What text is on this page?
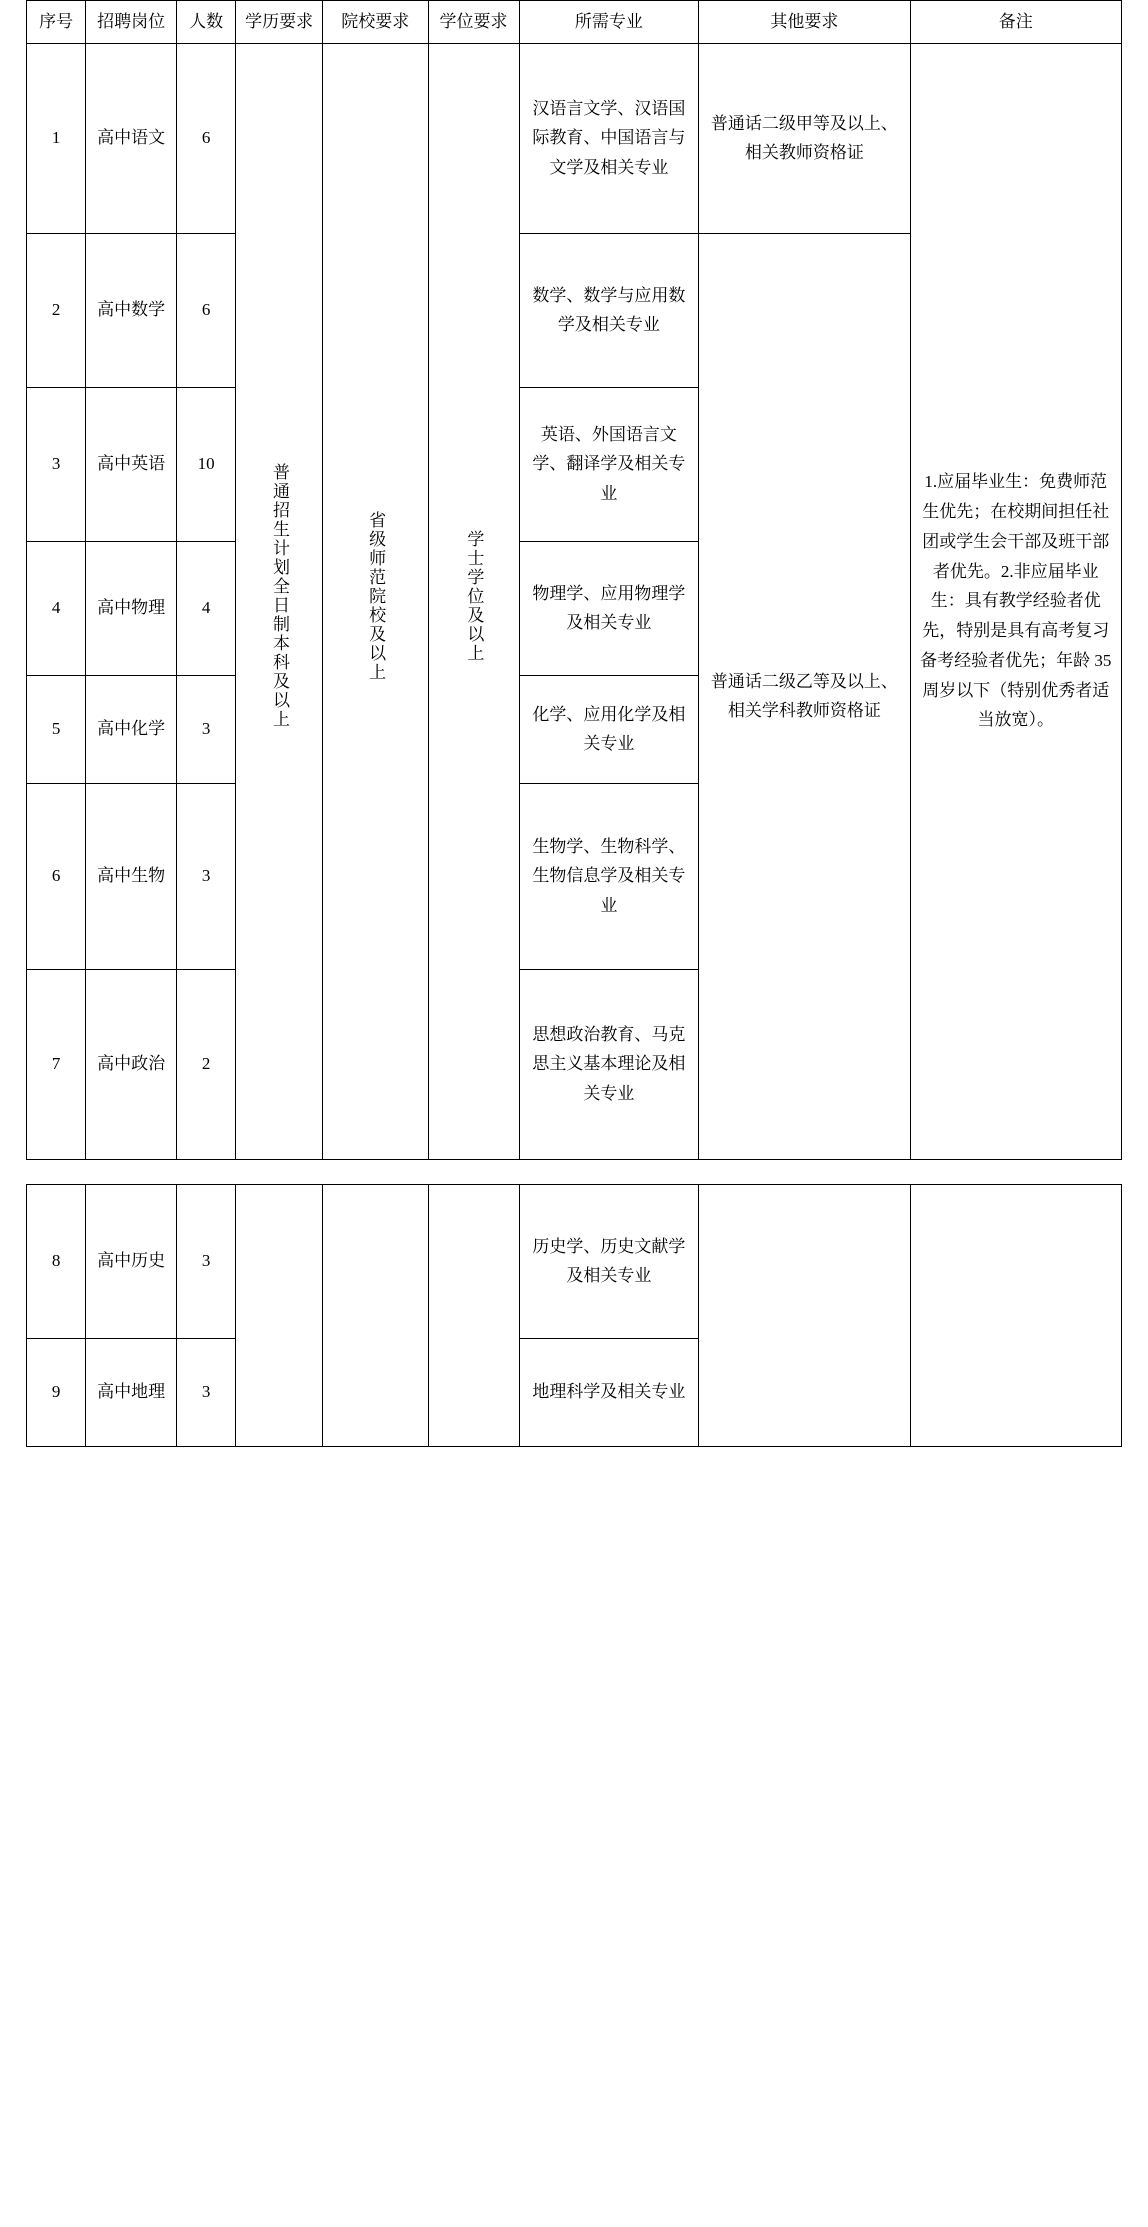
序号	招聘岗位	人数	学历要求	院校要求	学位要求	所需专业	其他要求	备注
1	高中语文	6	普通招生计划全日制本科及以上	省级师范院校及以上	学士学位及以上	汉语言文学、汉语国际教育、中国语言与文学及相关专业	普通话二级甲等及以上、相关教师资格证	1.应届毕业生：免费师范生优先；在校期间担任社团或学生会干部及班干部者优先。2.非应届毕业生：具有教学经验者优先，特别是具有高考复习备考经验者优先；年龄 35 周岁以下（特别优秀者适当放宽）。
2	高中数学	6				数学、数学与应用数学及相关专业	普通话二级乙等及以上、相关学科教师资格证	
3	高中英语	10				英语、外国语言文学、翻译学及相关专业		
4	高中物理	4				物理学、应用物理学及相关专业		
5	高中化学	3				化学、应用化学及相关专业		
6	高中生物	3				生物学、生物科学、生物信息学及相关专业		
7	高中政治	2				思想政治教育、马克思主义基本理论及相关专业		
8	高中历史	3				历史学、历史文献学及相关专业		
9	高中地理	3				地理科学及相关专业		
